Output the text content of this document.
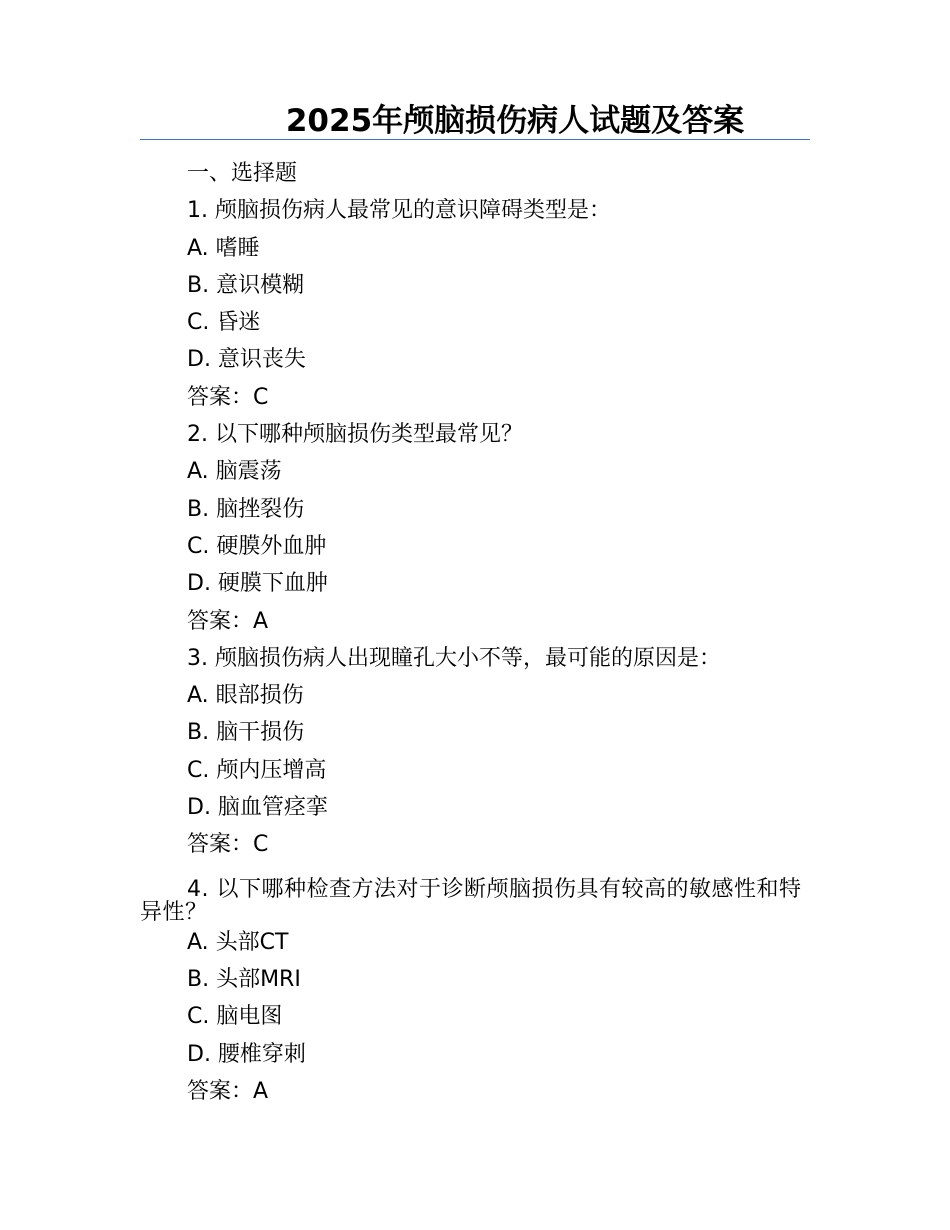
2025年颅脑损伤病人试题及答案
一、选择题
1. 颅脑损伤病人最常见的意识障碍类型是：
A. 嗜睡
B. 意识模糊
C. 昏迷
D. 意识丧失
答案：C
2. 以下哪种颅脑损伤类型最常见？
A. 脑震荡
B. 脑挫裂伤
C. 硬膜外血肿
D. 硬膜下血肿
答案：A
3. 颅脑损伤病人出现瞳孔大小不等，最可能的原因是：
A. 眼部损伤
B. 脑干损伤
C. 颅内压增高
D. 脑血管痉挛
答案：C
4. 以下哪种检查方法对于诊断颅脑损伤具有较高的敏感性和特异性？
A. 头部CT
B. 头部MRI
C. 脑电图
D. 腰椎穿刺
答案：A
